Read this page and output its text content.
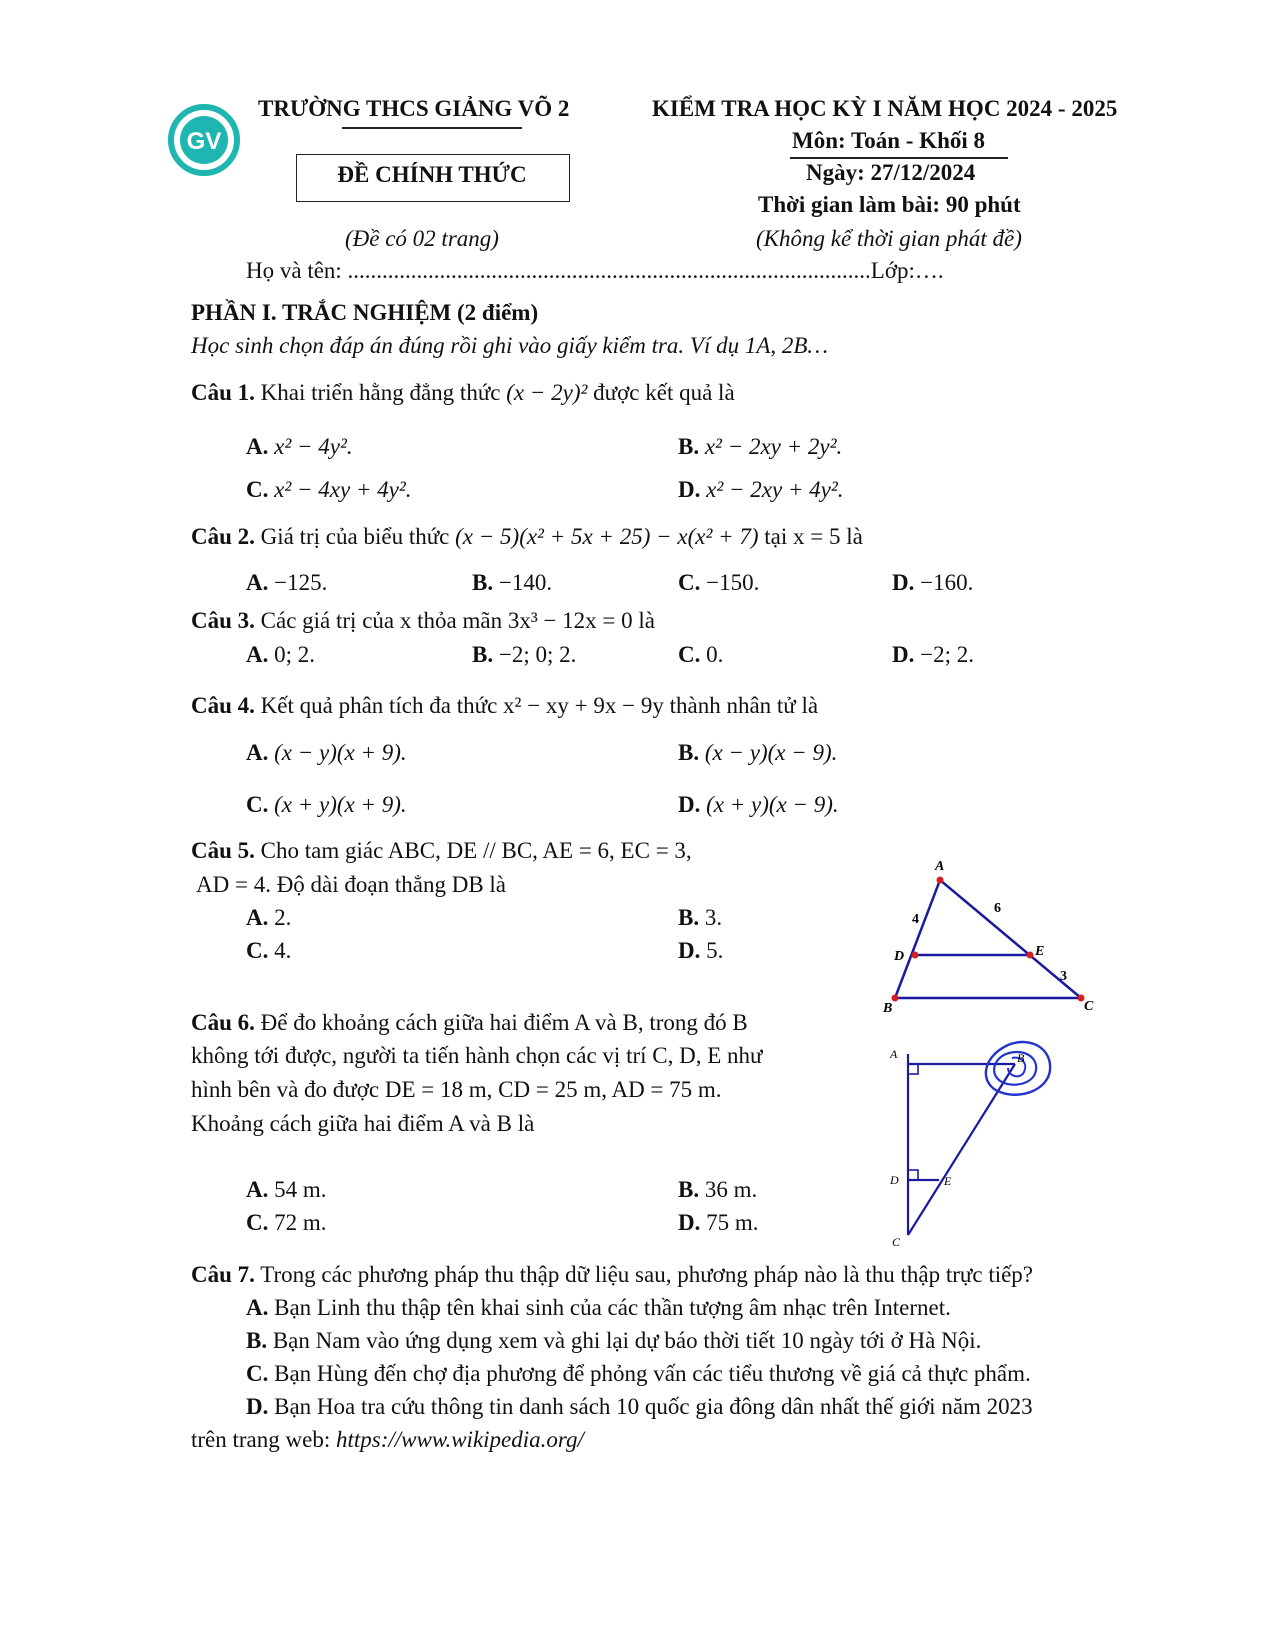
GV
TRƯỜNG THCS GIẢNG VÕ 2
ĐỀ CHÍNH THỨC
(Đề có 02 trang)
KIỂM TRA HỌC KỲ I NĂM HỌC 2024 - 2025
Môn: Toán - Khối 8
Ngày: 27/12/2024
Thời gian làm bài: 90 phút
(Không kể thời gian phát đề)
Họ và tên: ...........................................................................................Lớp:….
PHẦN I. TRẮC NGHIỆM (2 điểm)
Học sinh chọn đáp án đúng rồi ghi vào giấy kiểm tra. Ví dụ 1A, 2B…
Câu 1. Khai triển hằng đẳng thức (x − 2y)² được kết quả là
A. x² − 4y².	B. x² − 2xy + 2y².
C. x² − 4xy + 4y².	D. x² − 2xy + 4y².
Câu 2. Giá trị của biểu thức (x − 5)(x² + 5x + 25) − x(x² + 7) tại x = 5 là
A. −125.	B. −140.	C. −150.	D. −160.
Câu 3. Các giá trị của x thỏa mãn 3x³ − 12x = 0 là
A. 0; 2.	B. −2; 0; 2.	C. 0.	D. −2; 2.
Câu 4. Kết quả phân tích đa thức x² − xy + 9x − 9y thành nhân tử là
A. (x − y)(x + 9).	B. (x − y)(x − 9).
C. (x + y)(x + 9).	D. (x + y)(x − 9).
Câu 5. Cho tam giác ABC, DE // BC, AE = 6, EC = 3,
AD = 4. Độ dài đoạn thẳng DB là
A. 2.	B. 3.
C. 4.	D. 5.
A
B	C
D	E
4
6
3
Câu 6. Để đo khoảng cách giữa hai điểm A và B, trong đó B
không tới được, người ta tiến hành chọn các vị trí C, D, E như
hình bên và đo được DE = 18 m, CD = 25 m, AD = 75 m.
Khoảng cách giữa hai điểm A và B là
A. 54 m.	B. 36 m.
C. 72 m.	D. 75 m.
A	B
D	E
C
Câu 7. Trong các phương pháp thu thập dữ liệu sau, phương pháp nào là thu thập trực tiếp?
A. Bạn Linh thu thập tên khai sinh của các thần tượng âm nhạc trên Internet.
B. Bạn Nam vào ứng dụng xem và ghi lại dự báo thời tiết 10 ngày tới ở Hà Nội.
C. Bạn Hùng đến chợ địa phương để phỏng vấn các tiểu thương về giá cả thực phẩm.
D. Bạn Hoa tra cứu thông tin danh sách 10 quốc gia đông dân nhất thế giới năm 2023
trên trang web: https://www.wikipedia.org/
